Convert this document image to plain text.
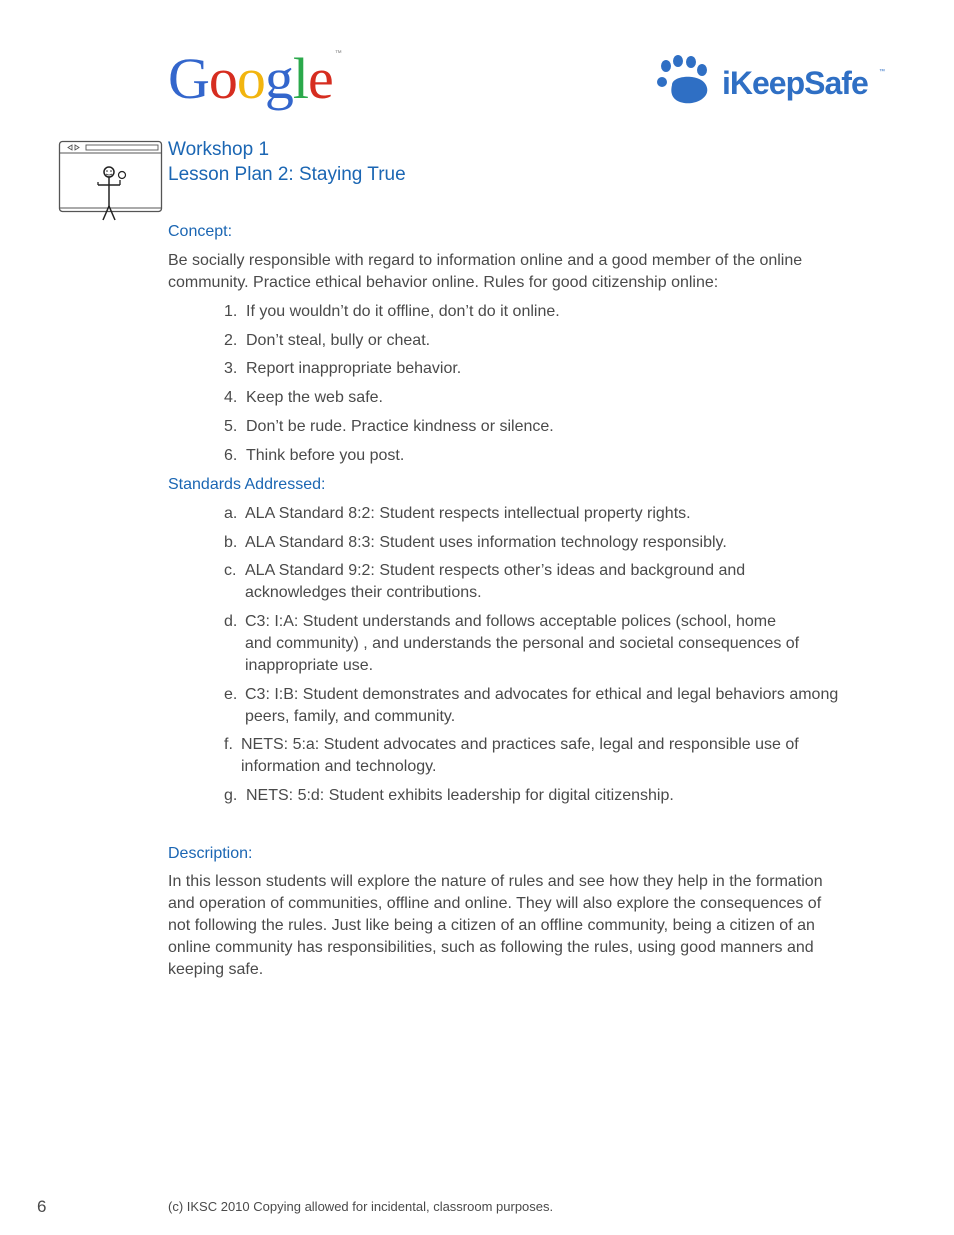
Google ™
iKeepSafe ™
Workshop 1
Lesson Plan 2: Staying True
Concept:
Be socially responsible with regard to information online and a good member of the online
community. Practice ethical behavior online. Rules for good citizenship online:
1. If you wouldn’t do it offline, don’t do it online.
2. Don’t steal, bully or cheat.
3. Report inappropriate behavior.
4. Keep the web safe.
5. Don’t be rude. Practice kindness or silence.
6. Think before you post.
Standards Addressed:
a. ALA Standard 8:2: Student respects intellectual property rights.
b. ALA Standard 8:3: Student uses information technology responsibly.
c. ALA Standard 9:2: Student respects other’s ideas and background and
acknowledges their contributions.
d. C3: I:A: Student understands and follows acceptable polices (school, home
and community) , and understands the personal and societal consequences of
inappropriate use.
e. C3: I:B: Student demonstrates and advocates for ethical and legal behaviors among
peers, family, and community.
f. NETS: 5:a: Student advocates and practices safe, legal and responsible use of
information and technology.
g. NETS: 5:d: Student exhibits leadership for digital citizenship.
Description:
In this lesson students will explore the nature of rules and see how they help in the formation
and operation of communities, offline and online. They will also explore the consequences of
not following the rules. Just like being a citizen of an offline community, being a citizen of an
online community has responsibilities, such as following the rules, using good manners and
keeping safe.
6	(c) IKSC 2010 Copying allowed for incidental, classroom purposes.
